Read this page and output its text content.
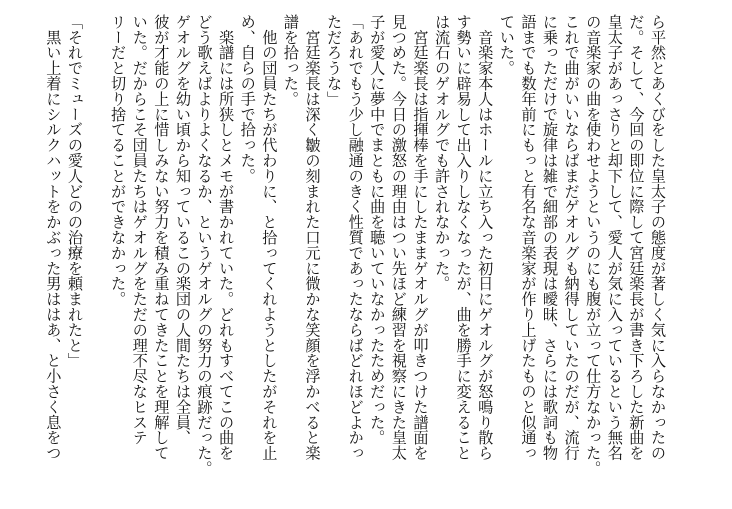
ら平然とあくびをした皇太子の態度が著しく気に入らなかったの

だ。そして、今回の即位に際して宮廷楽長が書き下ろした新曲を

皇太子があっさりと却下して、愛人が気に入っているという無名

の音楽家の曲を使わせようというのにも腹が立って仕方なかった。

これで曲がいいならばまだゲオルグも納得していたのだが、流行

に乗っただけで旋律は雑で細部の表現は曖昧、さらには歌詞も物

語までも数年前にもっと有名な音楽家が作り上げたものと似通っ

ていた。

　音楽家本人はホールに立ち入った初日にゲオルグが怒鳴り散ら

す勢いに辟易して出入りしなくなったが、曲を勝手に変えること

は流石のゲオルグでも許されなかった。

　宮廷楽長は指揮棒を手にしたままゲオルグが叩きつけた譜面を

見つめた。今日の激怒の理由はつい先ほど練習を視察にきた皇太

子が愛人に夢中でまともに曲を聴いていなかったためだった。

「あれでもう少し融通のきく性質であったならばどれほどよかっ

ただろうな」

　宮廷楽長は深く皺の刻まれた口元に微かな笑顔を浮かべると楽

譜を拾った。

　他の団員たちが代わりに、と拾ってくれようとしたがそれを止

め、自らの手で拾った。

　楽譜には所狭しとメモが書かれていた。どれもすべてこの曲を

どう歌えばよりよくなるか、というゲオルグの努力の痕跡だった。

ゲオルグを幼い頃から知っているこの楽団の人間たちは全員、

彼が才能の上に惜しみない努力を積み重ねてきたことを理解して

いた。だからこそ団員たちはゲオルグをただの理不尽なヒステ

リーだと切り捨てることができなかった。

「それでミューズの愛人どのの治療を頼まれたと」

　黒い上着にシルクハットをかぶった男ははあ、と小さく息をつ
